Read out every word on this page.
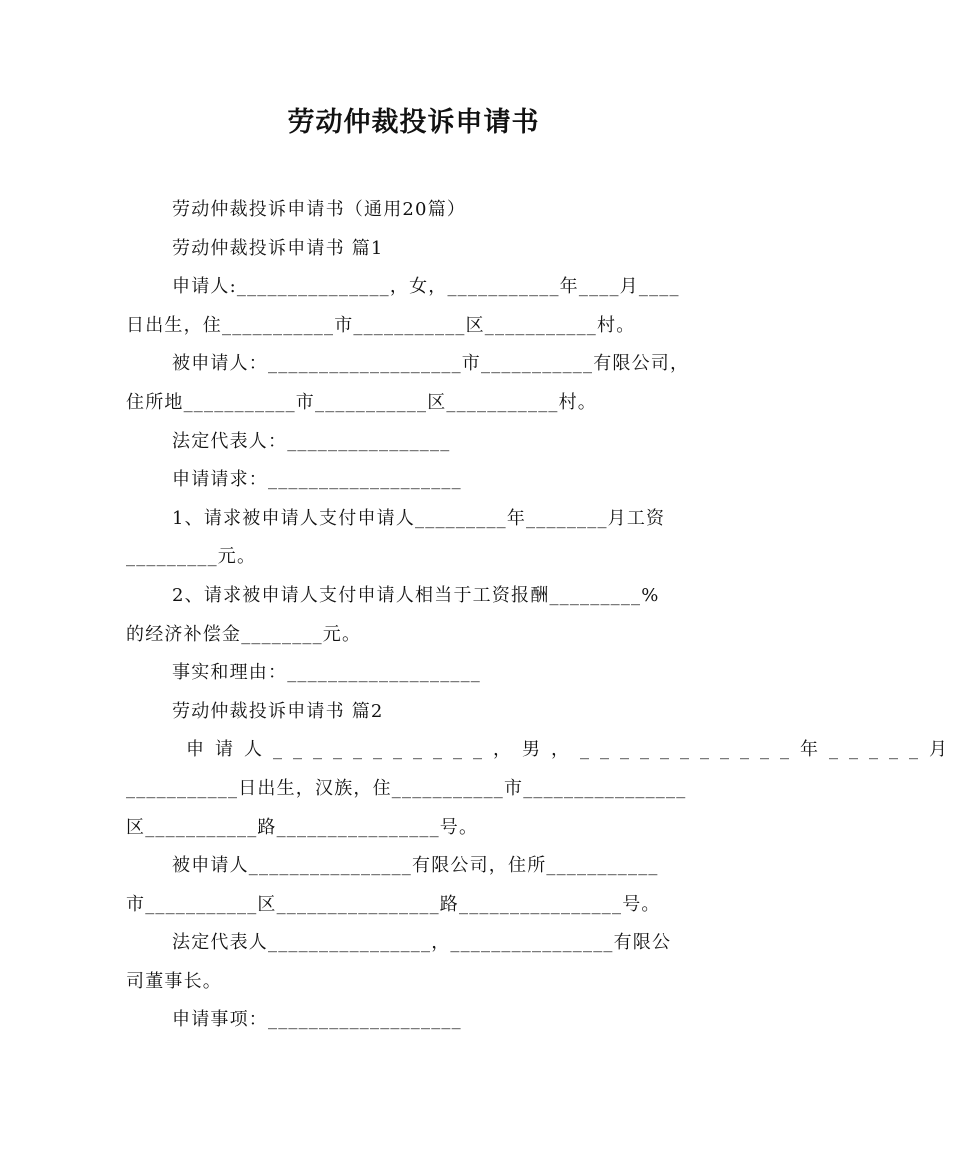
劳动仲裁投诉申请书
劳动仲裁投诉申请书（通用20篇）
劳动仲裁投诉申请书 篇1
申请人:_______________，女，___________年____月____
日出生，住___________市___________区___________村。
被申请人：___________________市___________有限公司，
住所地___________市___________区___________村。
法定代表人：________________
申请请求：___________________
1、请求被申请人支付申请人_________年________月工资
_________元。
2、请求被申请人支付申请人相当于工资报酬_________%
的经济补偿金________元。
事实和理由：___________________
劳动仲裁投诉申请书 篇2
申请人___________，男，___________年_____月
___________日出生，汉族，住___________市________________
区___________路________________号。
被申请人________________有限公司，住所___________
市___________区________________路________________号。
法定代表人________________，________________有限公
司董事长。
申请事项：___________________
